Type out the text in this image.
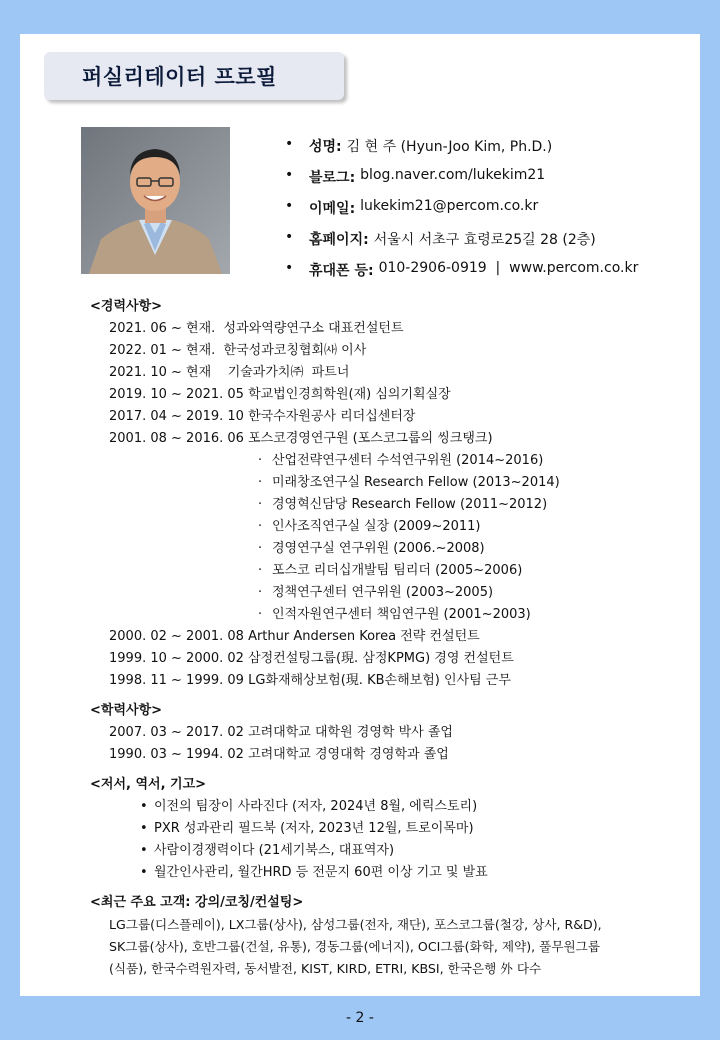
퍼실리테이터 프로필
•	성명: 김 현 주 (Hyun-Joo Kim, Ph.D.)
•	블로그: blog.naver.com/lukekim21
•	이메일: lukekim21@percom.co.kr
•	홈페이지: 서울시 서초구 효령로25길 28 (2층)
•	휴대폰 등: 010-2906-0919  |  www.percom.co.kr
<경력사항>
2021. 06 ~ 현재.  성과와역량연구소 대표컨설턴트
2022. 01 ~ 현재.  한국성과코칭협회㈔ 이사
2021. 10 ~ 현재    기술과가치㈜  파트너
2019. 10 ~ 2021. 05 학교법인경희학원(재) 심의기획실장
2017. 04 ~ 2019. 10 한국수자원공사 리더십센터장
2001. 08 ~ 2016. 06 포스코경영연구원 (포스코그룹의 씽크탱크)
· 산업전략연구센터 수석연구위원 (2014~2016)
· 미래창조연구실 Research Fellow (2013~2014)
· 경영혁신담당 Research Fellow (2011~2012)
· 인사조직연구실 실장 (2009~2011)
· 경영연구실 연구위원 (2006.~2008)
· 포스코 리더십개발팀 팀리더 (2005~2006)
· 정책연구센터 연구위원 (2003~2005)
· 인적자원연구센터 책임연구원 (2001~2003)
2000. 02 ~ 2001. 08 Arthur Andersen Korea 전략 컨설턴트
1999. 10 ~ 2000. 02 삼정컨설팅그룹(現. 삼정KPMG) 경영 컨설턴트
1998. 11 ~ 1999. 09 LG화재해상보험(現. KB손해보험) 인사팀 근무
<학력사항>
2007. 03 ~ 2017. 02 고려대학교 대학원 경영학 박사 졸업
1990. 03 ~ 1994. 02 고려대학교 경영대학 경영학과 졸업
<저서, 역서, 기고>
• 이전의 팀장이 사라진다 (저자, 2024년 8월, 에릭스토리)
• PXR 성과관리 필드북 (저자, 2023년 12월, 트로이목마)
• 사람이경쟁력이다 (21세기북스, 대표역자)
• 월간인사관리, 월간HRD 등 전문지 60편 이상 기고 및 발표
<최근 주요 고객: 강의/코칭/컨설팅>
LG그룹(디스플레이), LX그룹(상사), 삼성그룹(전자, 재단), 포스코그룹(철강, 상사, R&D),
SK그룹(상사), 호반그룹(건설, 유통), 경동그룹(에너지), OCI그룹(화학, 제약), 풀무원그룹
(식품), 한국수력원자력, 동서발전, KIST, KIRD, ETRI, KBSI, 한국은행 外 다수
- 2 -
